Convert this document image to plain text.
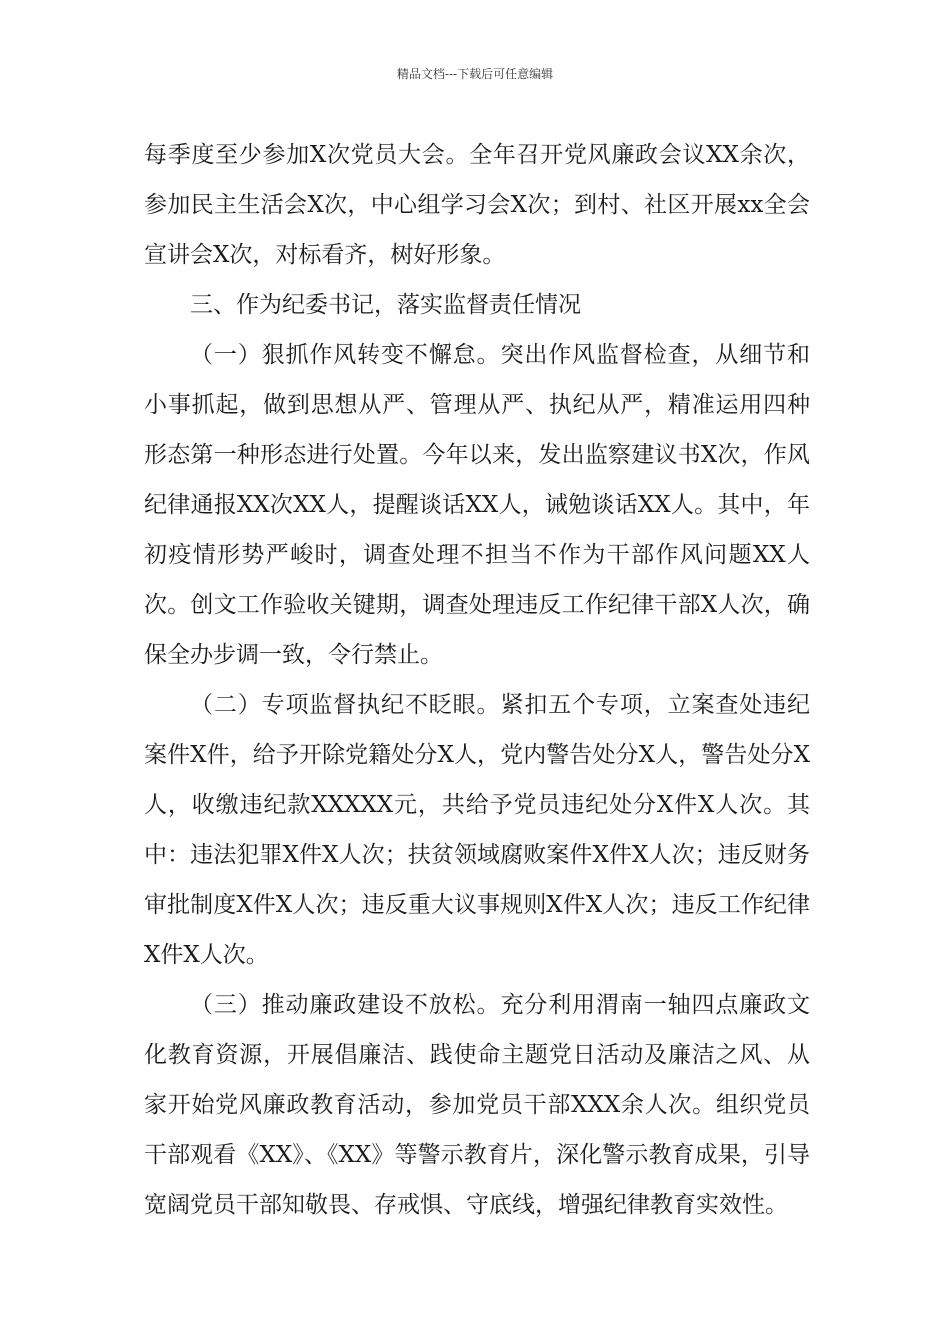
精品文档---下载后可任意编辑

每季度至少参加X次党员大会。全年召开党风廉政会议XX余次，参加民主生活会X次，中心组学习会X次；到村、社区开展xx全会宣讲会X次，对标看齐，树好形象。

三、作为纪委书记，落实监督责任情况

（一）狠抓作风转变不懈怠。突出作风监督检查，从细节和小事抓起，做到思想从严、管理从严、执纪从严，精准运用四种形态第一种形态进行处置。今年以来，发出监察建议书X次，作风纪律通报XX次XX人，提醒谈话XX人，诫勉谈话XX人。其中，年初疫情形势严峻时，调查处理不担当不作为干部作风问题XX人次。创文工作验收关键期，调查处理违反工作纪律干部X人次，确保全办步调一致，令行禁止。

（二）专项监督执纪不眨眼。紧扣五个专项，立案查处违纪案件X件，给予开除党籍处分X人，党内警告处分X人，警告处分X人，收缴违纪款XXXXX元，共给予党员违纪处分X件X人次。其中：违法犯罪X件X人次；扶贫领域腐败案件X件X人次；违反财务审批制度X件X人次；违反重大议事规则X件X人次；违反工作纪律X件X人次。

（三）推动廉政建设不放松。充分利用渭南一轴四点廉政文化教育资源，开展倡廉洁、践使命主题党日活动及廉洁之风、从家开始党风廉政教育活动，参加党员干部XXX余人次。组织党员干部观看《XX》、《XX》等警示教育片，深化警示教育成果，引导宽阔党员干部知敬畏、存戒惧、守底线，增强纪律教育实效性。
